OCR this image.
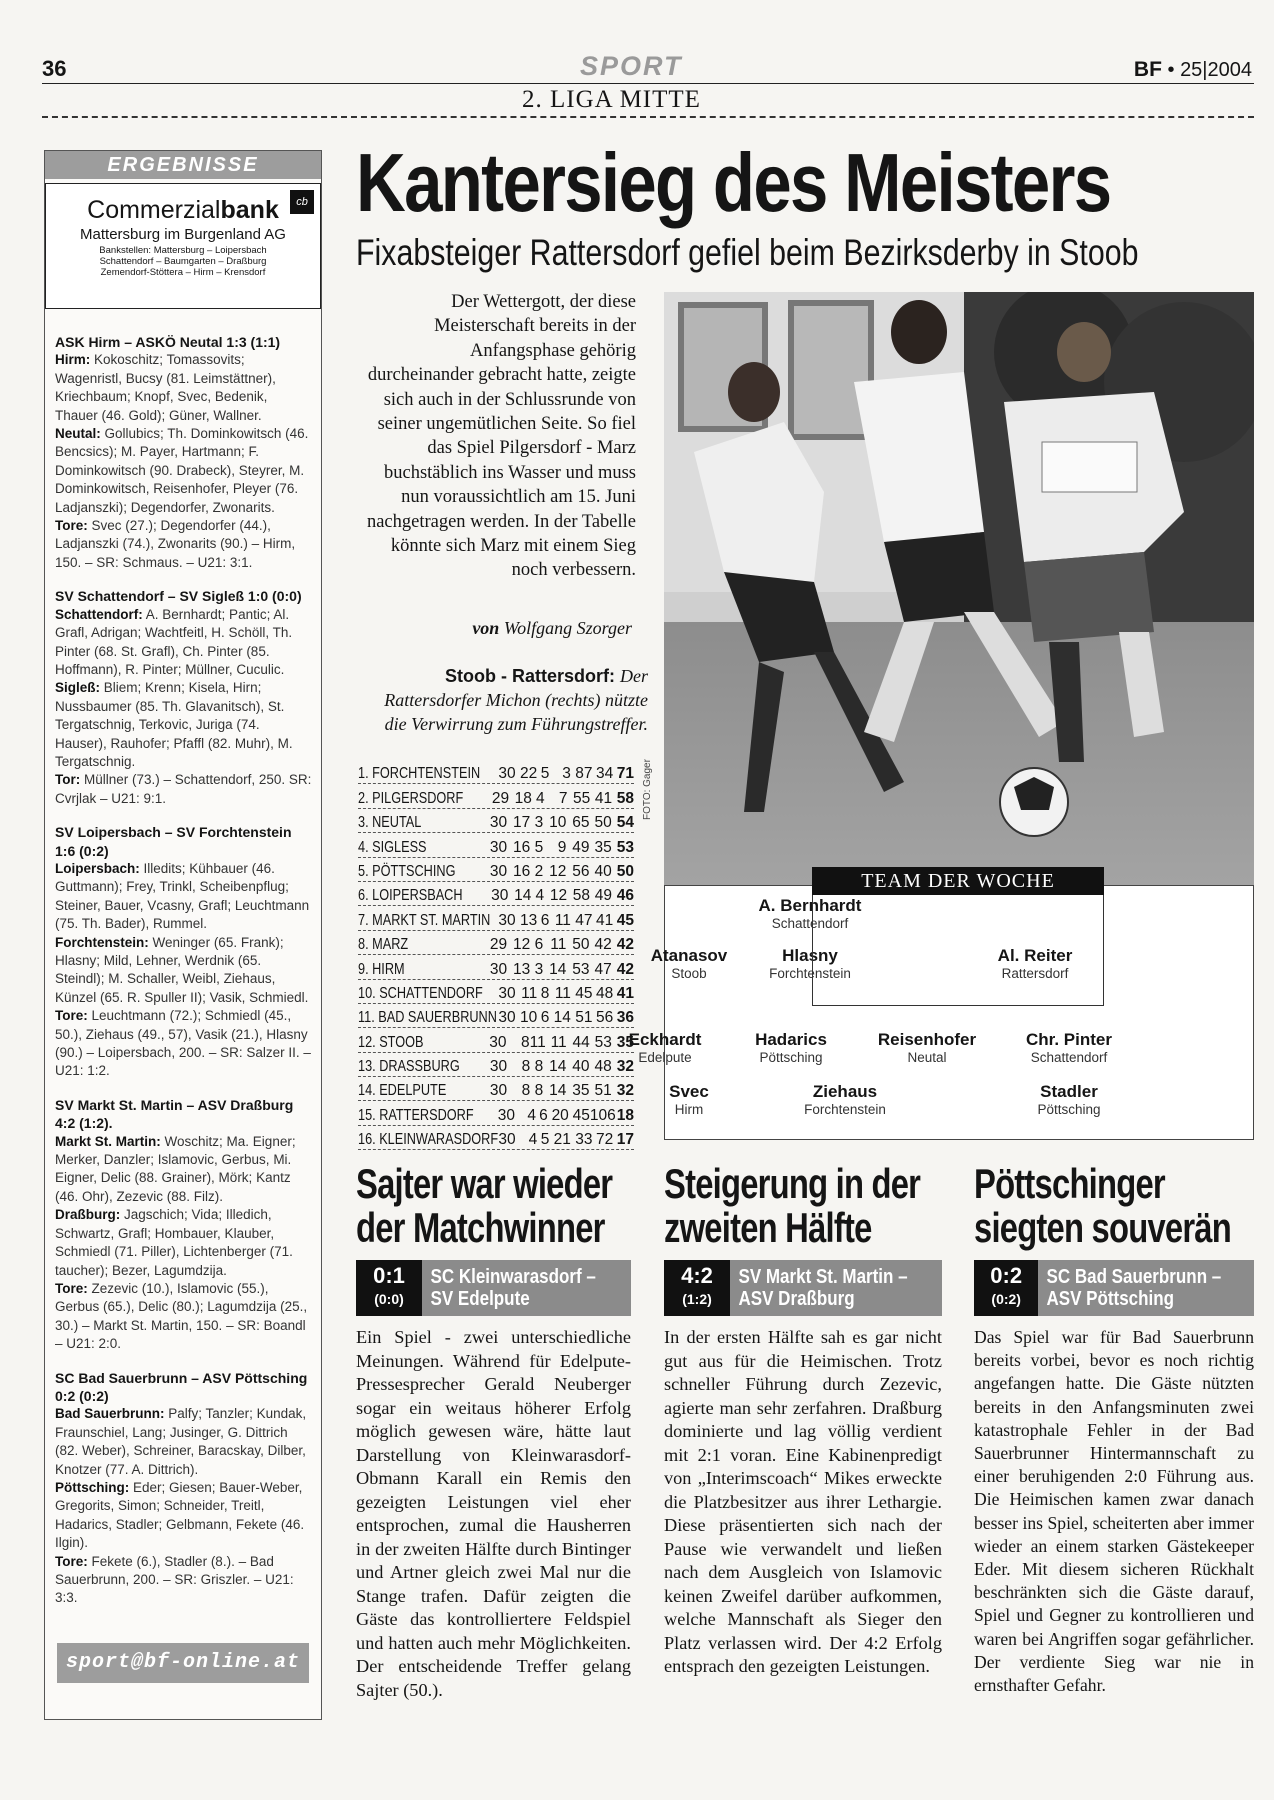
36	SPORT	BF • 25|2004
2. LIGA MITTE
ERGEBNISSE
cb
Commerzialbank
Mattersburg im Burgenland AG
Bankstellen: Mattersburg – Loipersbach
Schattendorf – Baumgarten – Draßburg
Zemendorf-Stöttera – Hirm – Krensdorf
ASK Hirm – ASKÖ Neutal 1:3 (1:1)

Hirm: Kokoschitz; Tomassovits; Wagenristl, Bucsy (81. Leimstättner), Kriechbaum; Knopf, Svec, Bedenik, Thauer (46. Gold); Güner, Wallner.

Neutal: Gollubics; Th. Dominkowitsch (46. Bencsics); M. Payer, Hartmann; F. Dominkowitsch (90. Drabeck), Steyrer, M. Dominkowitsch, Reisenhofer, Pleyer (76. Ladjanszki); Degendorfer, Zwonarits.

Tore: Svec (27.); Degendorfer (44.), Ladjanszki (74.), Zwonarits (90.) – Hirm, 150. – SR: Schmaus. – U21: 3:1.

SV Schattendorf – SV Sigleß 1:0 (0:0)

Schattendorf: A. Bernhardt; Pantic; Al. Grafl, Adrigan; Wachtfeitl, H. Schöll, Th. Pinter (68. St. Grafl), Ch. Pinter (85. Hoffmann), R. Pinter; Müllner, Cuculic.

Sigleß: Bliem; Krenn; Kisela, Hirn; Nussbaumer (85. Th. Glavanitsch), St. Tergatschnig, Terkovic, Juriga (74. Hauser), Rauhofer; Pfaffl (82. Muhr), M. Tergatschnig.

Tor: Müllner (73.) – Schattendorf, 250. SR: Cvrjlak – U21: 9:1.

SV Loipersbach – SV Forchtenstein 1:6 (0:2)

Loipersbach: Illedits; Kühbauer (46. Guttmann); Frey, Trinkl, Scheibenpflug; Steiner, Bauer, Vcasny, Grafl; Leuchtmann (75. Th. Bader), Rummel.

Forchtenstein: Weninger (65. Frank); Hlasny; Mild, Lehner, Werdnik (65. Steindl); M. Schaller, Weibl, Ziehaus, Künzel (65. R. Spuller II); Vasik, Schmiedl.

Tore: Leuchtmann (72.); Schmiedl (45., 50.), Ziehaus (49., 57), Vasik (21.), Hlasny (90.) – Loipersbach, 200. – SR: Salzer II. – U21: 1:2.

SV Markt St. Martin – ASV Draßburg 4:2 (1:2).

Markt St. Martin: Woschitz; Ma. Eigner; Merker, Danzler; Islamovic, Gerbus, Mi. Eigner, Delic (88. Grainer), Mörk; Kantz (46. Ohr), Zezevic (88. Filz).

Draßburg: Jagschich; Vida; Illedich, Schwartz, Grafl; Hombauer, Klauber, Schmiedl (71. Piller), Lichtenberger (71. taucher); Bezer, Lagumdzija.

Tore: Zezevic (10.), Islamovic (55.), Gerbus (65.), Delic (80.); Lagumdzija (25., 30.) – Markt St. Martin, 150. – SR: Boandl – U21: 2:0.

SC Bad Sauerbrunn – ASV Pöttsching 0:2 (0:2)

Bad Sauerbrunn: Palfy; Tanzler; Kundak, Fraunschiel, Lang; Jusinger, G. Dittrich (82. Weber), Schreiner, Baracskay, Dilber, Knotzer (77. A. Dittrich).

Pöttsching: Eder; Giesen; Bauer-Weber, Gregorits, Simon; Schneider, Treitl, Hadarics, Stadler; Gelbmann, Fekete (46. Ilgin).

Tore: Fekete (6.), Stadler (8.). – Bad Sauerbrunn, 200. – SR: Griszler. – U21: 3:3.

sport@bf-online.at
Kantersieg des Meisters
Fixabsteiger Rattersdorf gefiel beim Bezirksderby in Stoob
Der Wettergott, der diese Meisterschaft bereits in der Anfangsphase gehörig durcheinander gebracht hatte, zeigte sich auch in der Schlussrunde von seiner ungemütlichen Seite. So fiel das Spiel Pilgersdorf - Marz buchstäblich ins Wasser und muss nun voraussichtlich am 15. Juni nachgetragen werden. In der Tabelle könnte sich Marz mit einem Sieg noch verbessern.
von Wolfgang Szorger
Stoob - Rattersdorf: Der Rattersdorfer Michon (rechts) nützte die Verwirrung zum Führungstreffer.
FOTO: Gager
1. FORCHTENSTEIN 30 22 5 3 87 34 71
2. PILGERSDORF	29 18 4 7 55 41 58
3. NEUTAL	30 17 3 10 65 50 54
4. SIGLESS	30 16 5 9 49 35 53
5. PÖTTSCHING	30 16 2 12 56 40 50
6. LOIPERSBACH	30 14 4 12 58 49 46
7. MARKT ST. MARTIN 30 13 6 11 47 41 45
8. MARZ	29 12 6 11 50 42 42
9. HIRM	30 13 3 14 53 47 42
10. SCHATTENDORF 30 11 8 11 45 48 41
11. BAD SAUERBRUNN 30 10 6 14 51 56 36
12. STOOB	30 8 11 11 44 53 35
13. DRASSBURG	30 8 8 14 40 48 32
14. EDELPUTE	30 8 8 14 35 51 32
15. RATTERSDORF 30 4 6 20 45 106 18
16. KLEINWARASDORF 30 4 5 21 33 72 17
A. Bernhardt
Schattendorf
Atanasov
Stoob
Hlasny
Forchtenstein
Al. Reiter
Rattersdorf
Eckhardt
Edelpute
Hadarics
Pöttsching
Reisenhofer
Neutal
Chr. Pinter
Schattendorf
Svec
Hirm
Ziehaus
Forchtenstein
Stadler
Pöttsching
TEAM DER WOCHE
Sajter war wieder
der Matchwinner
0:1
(0:0)
SC Kleinwarasdorf –
SV Edelpute
Ein Spiel - zwei unterschiedliche Meinungen. Während für Edelpute-Pressesprecher Gerald Neuberger sogar ein weitaus höherer Erfolg möglich gewesen wäre, hätte laut Darstellung von Kleinwarasdorf-Obmann Karall ein Remis den gezeigten Leistungen viel eher entsprochen, zumal die Hausherren in der zweiten Hälfte durch Bintinger und Artner gleich zwei Mal nur die Stange trafen. Dafür zeigten die Gäste das kontrolliertere Feldspiel und hatten auch mehr Möglichkeiten. Der entscheidende Treffer gelang Sajter (50.).
Steigerung in der
zweiten Hälfte
4:2
(1:2)
SV Markt St. Martin –
ASV Draßburg
In der ersten Hälfte sah es gar nicht gut aus für die Heimischen. Trotz schneller Führung durch Zezevic, agierte man sehr zerfahren. Draßburg dominierte und lag völlig verdient mit 2:1 voran. Eine Kabinenpredigt von „Interimscoach“ Mikes erweckte die Platzbesitzer aus ihrer Lethargie. Diese präsentierten sich nach der Pause wie verwandelt und ließen nach dem Ausgleich von Islamovic keinen Zweifel darüber aufkommen, welche Mannschaft als Sieger den Platz verlassen wird. Der 4:2 Erfolg entsprach den gezeigten Leistungen.
Pöttschinger
siegten souverän
0:2
(0:2)
SC Bad Sauerbrunn –
ASV Pöttsching
Das Spiel war für Bad Sauerbrunn bereits vorbei, bevor es noch richtig angefangen hatte. Die Gäste nützten bereits in den Anfangsminuten zwei katastrophale Fehler in der Bad Sauerbrunner Hintermannschaft zu einer beruhigenden 2:0 Führung aus. Die Heimischen kamen zwar danach besser ins Spiel, scheiterten aber immer wieder an einem starken Gästekeeper Eder. Mit diesem sicheren Rückhalt beschränkten sich die Gäste darauf, Spiel und Gegner zu kontrollieren und waren bei Angriffen sogar gefährlicher. Der verdiente Sieg war nie in ernsthafter Gefahr.
